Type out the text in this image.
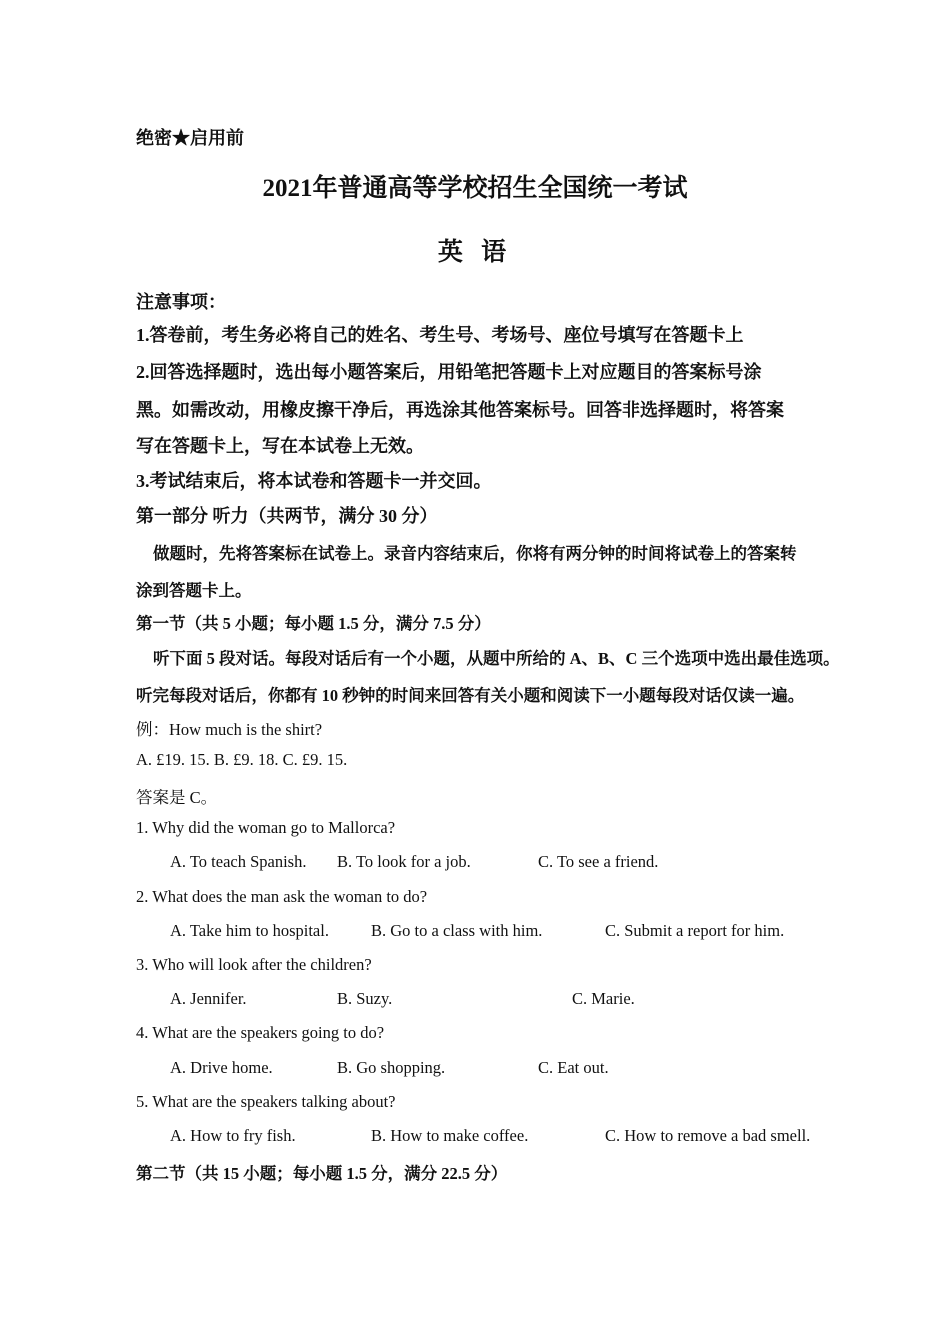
绝密★启用前
2021年普通高等学校招生全国统一考试
英 语
注意事项：
1.答卷前，考生务必将自己的姓名、考生号、考场号、座位号填写在答题卡上
2.回答选择题时，选出每小题答案后，用铅笔把答题卡上对应题目的答案标号涂
黑。如需改动，用橡皮擦干净后，再选涂其他答案标号。回答非选择题时，将答案
写在答题卡上，写在本试卷上无效。
3.考试结束后，将本试卷和答题卡一并交回。
第一部分 听力（共两节，满分 30 分）
做题时，先将答案标在试卷上。录音内容结束后，你将有两分钟的时间将试卷上的答案转
涂到答题卡上。
第一节（共 5 小题；每小题 1.5 分，满分 7.5 分）
听下面 5 段对话。每段对话后有一个小题，从题中所给的 A、B、C 三个选项中选出最佳选项。
听完每段对话后，你都有 10 秒钟的时间来回答有关小题和阅读下一小题每段对话仅读一遍。
例：How much is the shirt?
A. £19. 15. B. £9. 18. C. £9. 15.
答案是 C。
1. Why did the woman go to Mallorca?
A. To teach Spanish. B. To look for a job.	C. To see a friend.
2. What does the man ask the woman to do?
A. Take him to hospital.	B. Go to a class with him.	C. Submit a report for him.
3. Who will look after the children?
A. Jennifer.	B. Suzy.	C. Marie.
4. What are the speakers going to do?
A. Drive home.	B. Go shopping.	C. Eat out.
5. What are the speakers talking about?
A. How to fry fish.	B. How to make coffee.	C. How to remove a bad smell.
第二节（共 15 小题；每小题 1.5 分，满分 22.5 分）
